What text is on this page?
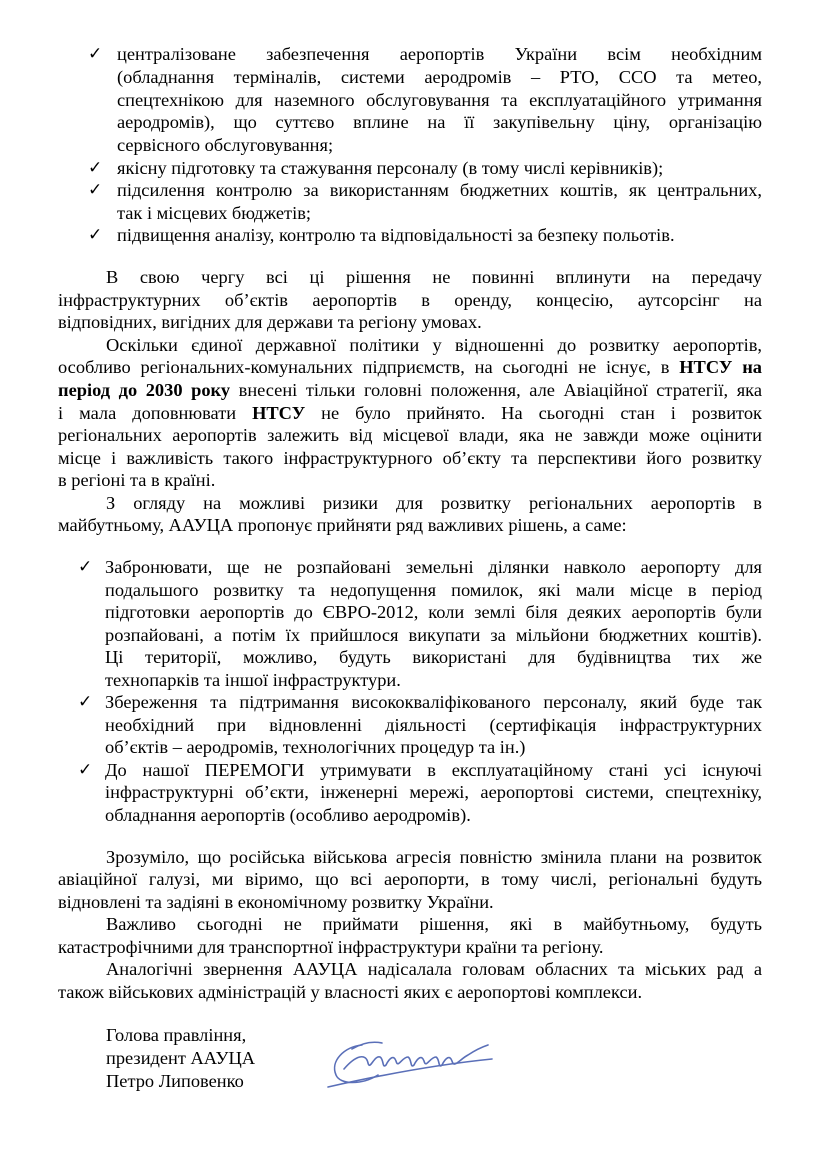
✓ централізоване забезпечення аеропортів України всім необхідним
(обладнання терміналів, системи аеродромів – РТО, ССО та метео,
спецтехнікою для наземного обслуговування та експлуатаційного утримання
аеродромів), що суттєво вплине на її закупівельну ціну, організацію
сервісного обслуговування;
✓ якісну підготовку та стажування персоналу (в тому числі керівників);
✓ підсилення контролю за використанням бюджетних коштів, як центральних,
так і місцевих бюджетів;
✓ підвищення аналізу, контролю та відповідальності за безпеку польотів.
В свою чергу всі ці рішення не повинні вплинути на передачу
інфраструктурних об’єктів аеропортів в оренду, концесію, аутсорсінг на
відповідних, вигідних для держави та регіону умовах.
Оскільки єдиної державної політики у відношенні до розвитку аеропортів,
особливо регіональних-комунальних підприємств, на сьогодні не існує, в НТСУ на
період до 2030 року внесені тільки головні положення, але Авіаційної стратегії, яка
і мала доповнювати НТСУ не було прийнято. На сьогодні стан і розвиток
регіональних аеропортів залежить від місцевої влади, яка не завжди може оцінити
місце і важливість такого інфраструктурного об’єкту та перспективи його розвитку
в регіоні та в країні.
З огляду на можливі ризики для розвитку регіональних аеропортів в
майбутньому, ААУЦА пропонує прийняти ряд важливих рішень, а саме:
✓ Забронювати, ще не розпайовані земельні ділянки навколо аеропорту для
подальшого розвитку та недопущення помилок, які мали місце в період
підготовки аеропортів до ЄВРО-2012, коли землі біля деяких аеропортів були
розпайовані, а потім їх прийшлося викупати за мільйони бюджетних коштів).
Ці території, можливо, будуть використані для будівництва тих же
технопарків та іншої інфраструктури.
✓ Збереження та підтримання висококваліфікованого персоналу, який буде так
необхідний при відновленні діяльності (сертифікація інфраструктурних
об’єктів – аеродромів, технологічних процедур та ін.)
✓ До нашої ПЕРЕМОГИ утримувати в експлуатаційному стані усі існуючі
інфраструктурні об’єкти, інженерні мережі, аеропортові системи, спецтехніку,
обладнання аеропортів (особливо аеродромів).
Зрозуміло, що російська військова агресія повністю змінила плани на розвиток
авіаційної галузі, ми віримо, що всі аеропорти, в тому числі, регіональні будуть
відновлені та задіяні в економічному розвитку України.
Важливо сьогодні не приймати рішення, які в майбутньому, будуть
катастрофічними для транспортної інфраструктури країни та регіону.
Аналогічні звернення ААУЦА надісалала головам обласних та міських рад а
також військових адміністрацій у власності яких є аеропортові комплекси.
Голова правління,
президент ААУЦА
Петро Липовенко
